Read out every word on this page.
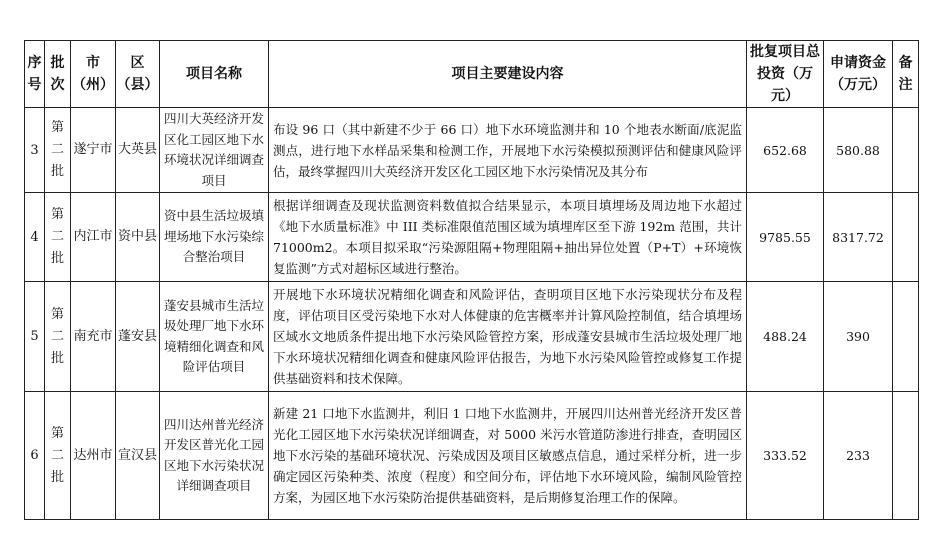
序号	批次	市（州）	区（县）	项目名称	项目主要建设内容	批复项目总投资（万元）	申请资金（万元）	备注
3	第二批	遂宁市	大英县	四川大英经济开发区化工园区地下水环境状况详细调查项目	布设 96 口（其中新建不少于 66 口）地下水环境监测井和 10 个地表水断面/底泥监测点，进行地下水样品采集和检测工作，开展地下水污染模拟预测评估和健康风险评估，最终掌握四川大英经济开发区化工园区地下水污染情况及其分布	652.68	580.88	
4	第二批	内江市	资中县	资中县生活垃圾填埋场地下水污染综合整治项目	根据详细调查及现状监测资料数值拟合结果显示，本项目填埋场及周边地下水超过《地下水质量标准》中 III 类标准限值范围区域为填埋库区至下游 192m 范围，共计 71000m2。本项目拟采取“污染源阻隔+物理阻隔+抽出异位处置（P+T）+环境恢复监测”方式对超标区域进行整治。	9785.55	8317.72	
5	第二批	南充市	蓬安县	蓬安县城市生活垃圾处理厂地下水环境精细化调查和风险评估项目	开展地下水环境状况精细化调查和风险评估，查明项目区地下水污染现状分布及程度，评估项目区受污染地下水对人体健康的危害概率并计算风险控制值，结合填埋场区域水文地质条件提出地下水污染风险管控方案，形成蓬安县城市生活垃圾处理厂地下水环境状况精细化调查和健康风险评估报告，为地下水污染风险管控或修复工作提供基础资料和技术保障。	488.24	390	
6	第二批	达州市	宣汉县	四川达州普光经济开发区普光化工园区地下水污染状况详细调查项目	新建 21 口地下水监测井，利旧 1 口地下水监测井，开展四川达州普光经济开发区普光化工园区地下水污染状况详细调查，对 5000 米污水管道防渗进行排查，查明园区地下水污染的基础环境状况、污染成因及项目区敏感点信息，通过采样分析，进一步确定园区污染种类、浓度（程度）和空间分布，评估地下水环境风险，编制风险管控方案，为园区地下水污染防治提供基础资料，是后期修复治理工作的保障。	333.52	233	
